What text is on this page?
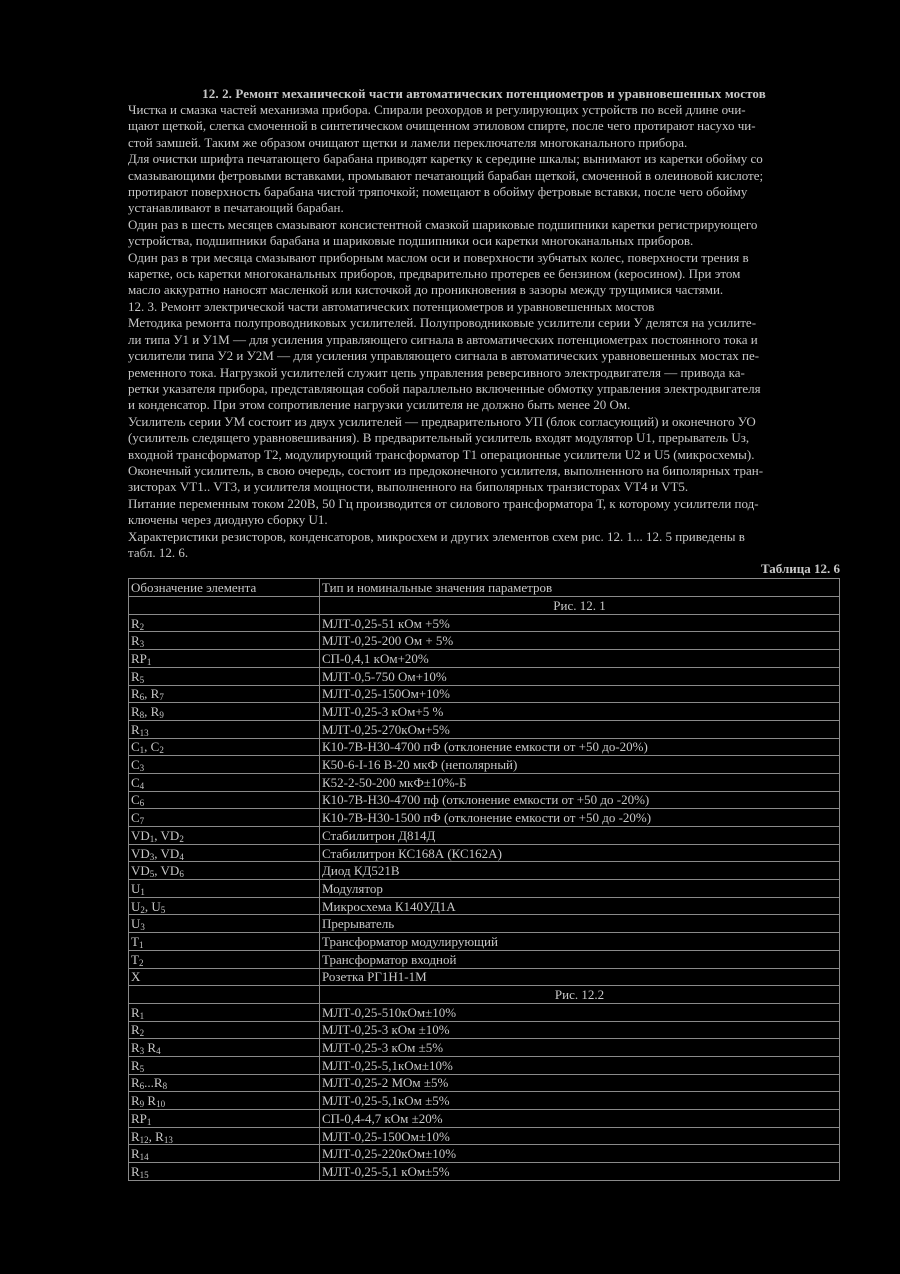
12. 2. Ремонт механической части автоматических потенциометров и уравновешенных мостов

Чистка и смазка частей механизма прибора. Спирали реохордов и регулирующих устройств по всей длине очи-

щают щеткой, слегка смоченной в синтетическом очищенном этиловом спирте, после чего протирают насухо чи-

стой замшей. Таким же образом очищают щетки и ламели переключателя многоканального прибора.

Для очистки шрифта печатающего барабана приводят каретку к середине шкалы; вынимают из каретки обойму со

смазывающими фетровыми вставками, промывают печатающий барабан щеткой, смоченной в олеиновой кислоте;

протирают поверхность барабана чистой тряпочкой; помещают в обойму фетровые вставки, после чего обойму

устанавливают в печатающий барабан.

Один раз в шесть месяцев смазывают консистентной смазкой шариковые подшипники каретки регистрирующего

устройства, подшипники барабана и шариковые подшипники оси каретки многоканальных приборов.

Один раз в три месяца смазывают приборным маслом оси и поверхности зубчатых колес, поверхности трения в

каретке, ось каретки многоканальных приборов, предварительно протерев ее бензином (керосином). При этом

масло аккуратно наносят масленкой или кисточкой до проникновения в зазоры между трущимися частями.

12. 3. Ремонт электрической части автоматических потенциометров и уравновешенных мостов

Методика ремонта полупроводниковых усилителей. Полупроводниковые усилители серии У делятся на усилите-

ли типа У1 и У1М — для усиления управляющего сигнала в автоматических потенциометрах постоянного тока и

усилители типа У2 и У2М — для усиления управляющего сигнала в автоматических уравновешенных мостах пе-

ременного тока. Нагрузкой усилителей служит цепь управления реверсивного электродвигателя — привода ка-

ретки указателя прибора, представляющая собой параллельно включенные обмотку управления электродвигателя

и конденсатор. При этом сопротивление нагрузки усилителя не должно быть менее 20 Ом.

Усилитель серии УМ состоит из двух усилителей — предварительного УП (блок согласующий) и оконечного УО

(усилитель следящего уравновешивания). В предварительный усилитель входят модулятор U1, прерыватель Uз,

входной трансформатор Т2, модулирующий трансформатор Т1 операционные усилители U2 и U5 (микросхемы).

Оконечный усилитель, в свою очередь, состоит из предоконечного усилителя, выполненного на биполярных тран-

зисторах VT1.. VT3, и усилителя мощности, выполненного на биполярных транзисторах VT4 и VT5.

Питание переменным током 220В, 50 Гц производится от силового трансформатора Т, к которому усилители под-

ключены через диодную сборку U1.

Характеристики резисторов, конденсаторов, микросхем и других элементов схем рис. 12. 1... 12. 5 приведены в

табл. 12. 6.

Таблица 12. 6
Обозначение элемента	Тип и номинальные значения параметров
	Рис. 12. 1
$R_2$	МЛТ-0,25-51 кОм +5%
$R_3$	МЛТ-0,25-200 Ом + 5%
$RP_1$	СП-0,4,1 кОм+20%
$R_5$	МЛТ-0,5-750 Ом+10%
$R_6$, $R_7$	МЛТ-0,25-150Ом+10%
$R_8$, $R_9$	МЛТ-0,25-3 кОм+5 %
$R_{13}$	МЛТ-0,25-270кОм+5%
$C_1$, $C_2$	К10-7В-Н30-4700 пФ (отклонение емкости от +50 до-20%)
$C_3$	К50-6-I-16 В-20 мкФ (неполярный)
$C_4$	К52-2-50-200 мкФ±10%-Б
$C_6$	К10-7В-Н30-4700 пф (отклонение емкости от +50 до -20%)
$C_7$	К10-7В-Н30-1500 пФ (отклонение емкости от +50 до -20%)
$VD_1$, $VD_2$	Стабилитрон Д814Д
$VD_3$, $VD_4$	Стабилитрон КС168А (КС162А)
$VD_5$, $VD_6$	Диод КД521В
$U_1$	Модулятор
$U_2$, $U_5$	Микросхема К140УД1А
$U_3$	Прерыватель
$T_1$	Трансформатор модулирующий
$T_2$	Трансформатор входной
X	Розетка РГ1Н1-1М
	Рис. 12.2
$R_1$	МЛТ-0,25-510кОм±10%
$R_2$	МЛТ-0,25-3 кОм ±10%
$R_3$ $R_4$	МЛТ-0,25-3 кОм ±5%
$R_5$	МЛТ-0,25-5,1кОм±10%
$R_6...R_8$	МЛТ-0,25-2 МОм ±5%
$R_9$ $R_{10}$	МЛТ-0,25-5,1кОм ±5%
$RP_1$	СП-0,4-4,7 кОм ±20%
$R_{12}$, $R_{13}$	МЛТ-0,25-150Ом±10%
$R_{14}$	МЛТ-0,25-220кОм±10%
$R_{15}$	МЛТ-0,25-5,1 кОм±5%
